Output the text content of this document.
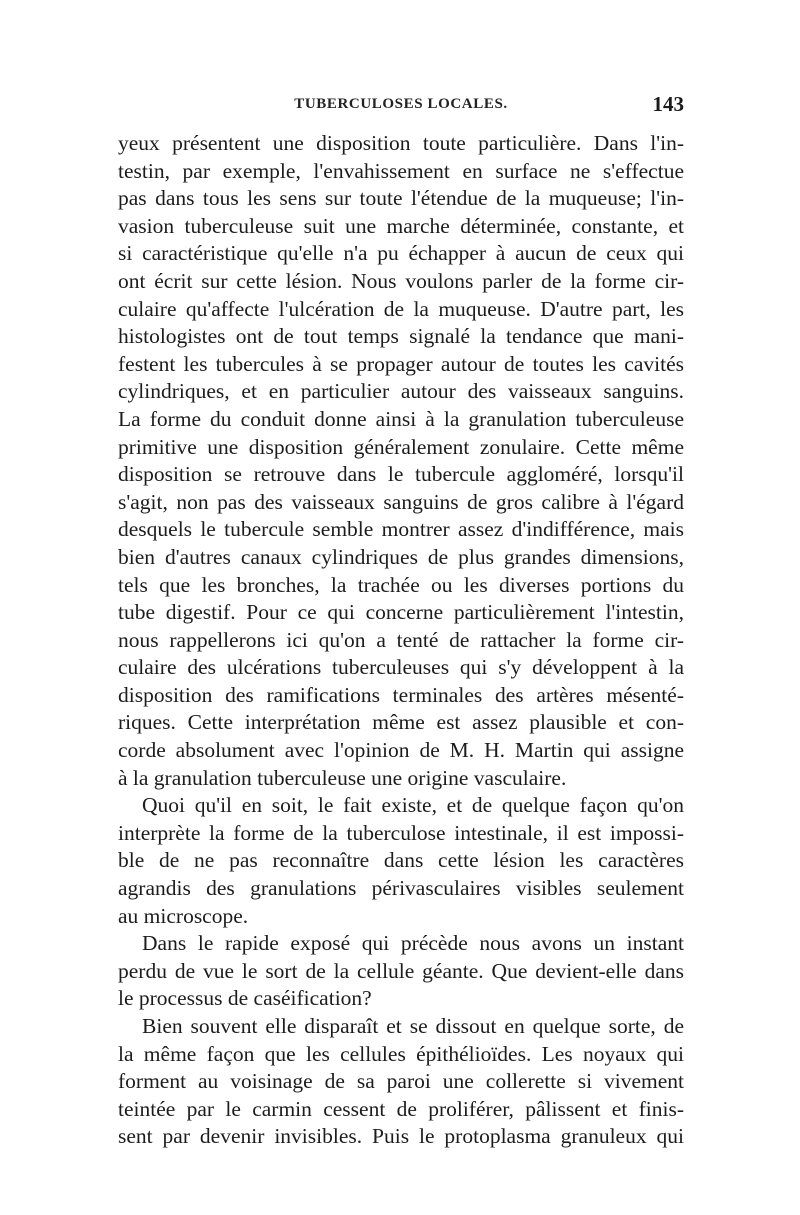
TUBERCULOSES LOCALES.	143
yeux présentent une disposition toute particulière. Dans l'in-
testin, par exemple, l'envahissement en surface ne s'effectue
pas dans tous les sens sur toute l'étendue de la muqueuse; l'in-
vasion tuberculeuse suit une marche déterminée, constante, et
si caractéristique qu'elle n'a pu échapper à aucun de ceux qui
ont écrit sur cette lésion. Nous voulons parler de la forme cir-
culaire qu'affecte l'ulcération de la muqueuse. D'autre part, les
histologistes ont de tout temps signalé la tendance que mani-
festent les tubercules à se propager autour de toutes les cavités
cylindriques, et en particulier autour des vaisseaux sanguins.
La forme du conduit donne ainsi à la granulation tuberculeuse
primitive une disposition généralement zonulaire. Cette même
disposition se retrouve dans le tubercule aggloméré, lorsqu'il
s'agit, non pas des vaisseaux sanguins de gros calibre à l'égard
desquels le tubercule semble montrer assez d'indifférence, mais
bien d'autres canaux cylindriques de plus grandes dimensions,
tels que les bronches, la trachée ou les diverses portions du
tube digestif. Pour ce qui concerne particulièrement l'intestin,
nous rappellerons ici qu'on a tenté de rattacher la forme cir-
culaire des ulcérations tuberculeuses qui s'y développent à la
disposition des ramifications terminales des artères mésenté-
riques. Cette interprétation même est assez plausible et con-
corde absolument avec l'opinion de M. H. Martin qui assigne
à la granulation tuberculeuse une origine vasculaire.
Quoi qu'il en soit, le fait existe, et de quelque façon qu'on
interprète la forme de la tuberculose intestinale, il est impossi-
ble de ne pas reconnaître dans cette lésion les caractères
agrandis des granulations périvasculaires visibles seulement
au microscope.
Dans le rapide exposé qui précède nous avons un instant
perdu de vue le sort de la cellule géante. Que devient-elle dans
le processus de caséification?
Bien souvent elle disparaît et se dissout en quelque sorte, de
la même façon que les cellules épithélioïdes. Les noyaux qui
forment au voisinage de sa paroi une collerette si vivement
teintée par le carmin cessent de proliférer, pâlissent et finis-
sent par devenir invisibles. Puis le protoplasma granuleux qui
